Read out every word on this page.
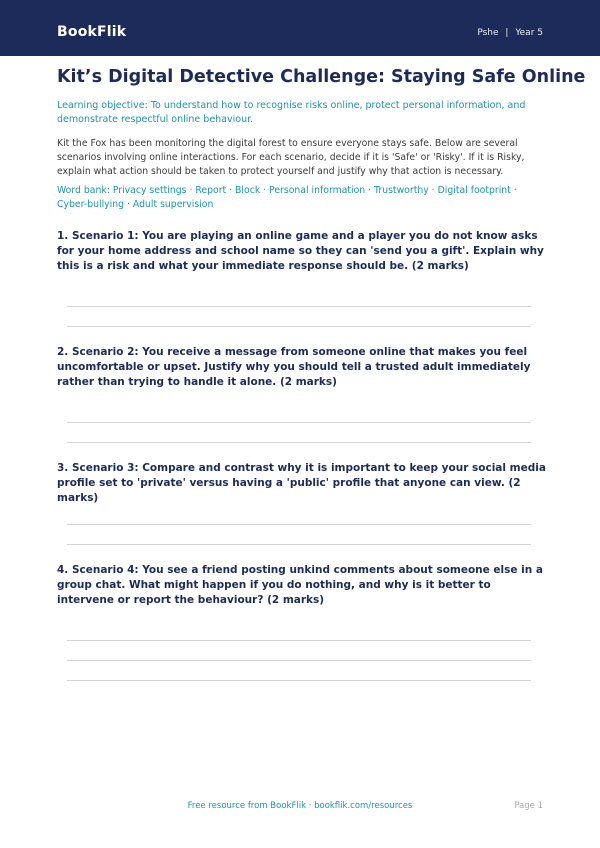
BookFlik	Pshe | Year 5
Kit’s Digital Detective Challenge: Staying Safe Online
Learning objective: To understand how to recognise risks online, protect personal information, and demonstrate respectful online behaviour.
Kit the Fox has been monitoring the digital forest to ensure everyone stays safe. Below are several scenarios involving online interactions. For each scenario, decide if it is 'Safe' or 'Risky'. If it is Risky, explain what action should be taken to protect yourself and justify why that action is necessary.
Word bank: Privacy settings · Report · Block · Personal information · Trustworthy · Digital footprint · Cyber-bullying · Adult supervision
1. Scenario 1: You are playing an online game and a player you do not know asks for your home address and school name so they can 'send you a gift'. Explain why this is a risk and what your immediate response should be. (2 marks)
2. Scenario 2: You receive a message from someone online that makes you feel uncomfortable or upset. Justify why you should tell a trusted adult immediately rather than trying to handle it alone. (2 marks)
3. Scenario 3: Compare and contrast why it is important to keep your social media profile set to 'private' versus having a 'public' profile that anyone can view. (2 marks)
4. Scenario 4: You see a friend posting unkind comments about someone else in a group chat. What might happen if you do nothing, and why is it better to intervene or report the behaviour? (2 marks)
Free resource from BookFlik · bookflik.com/resources	Page 1
